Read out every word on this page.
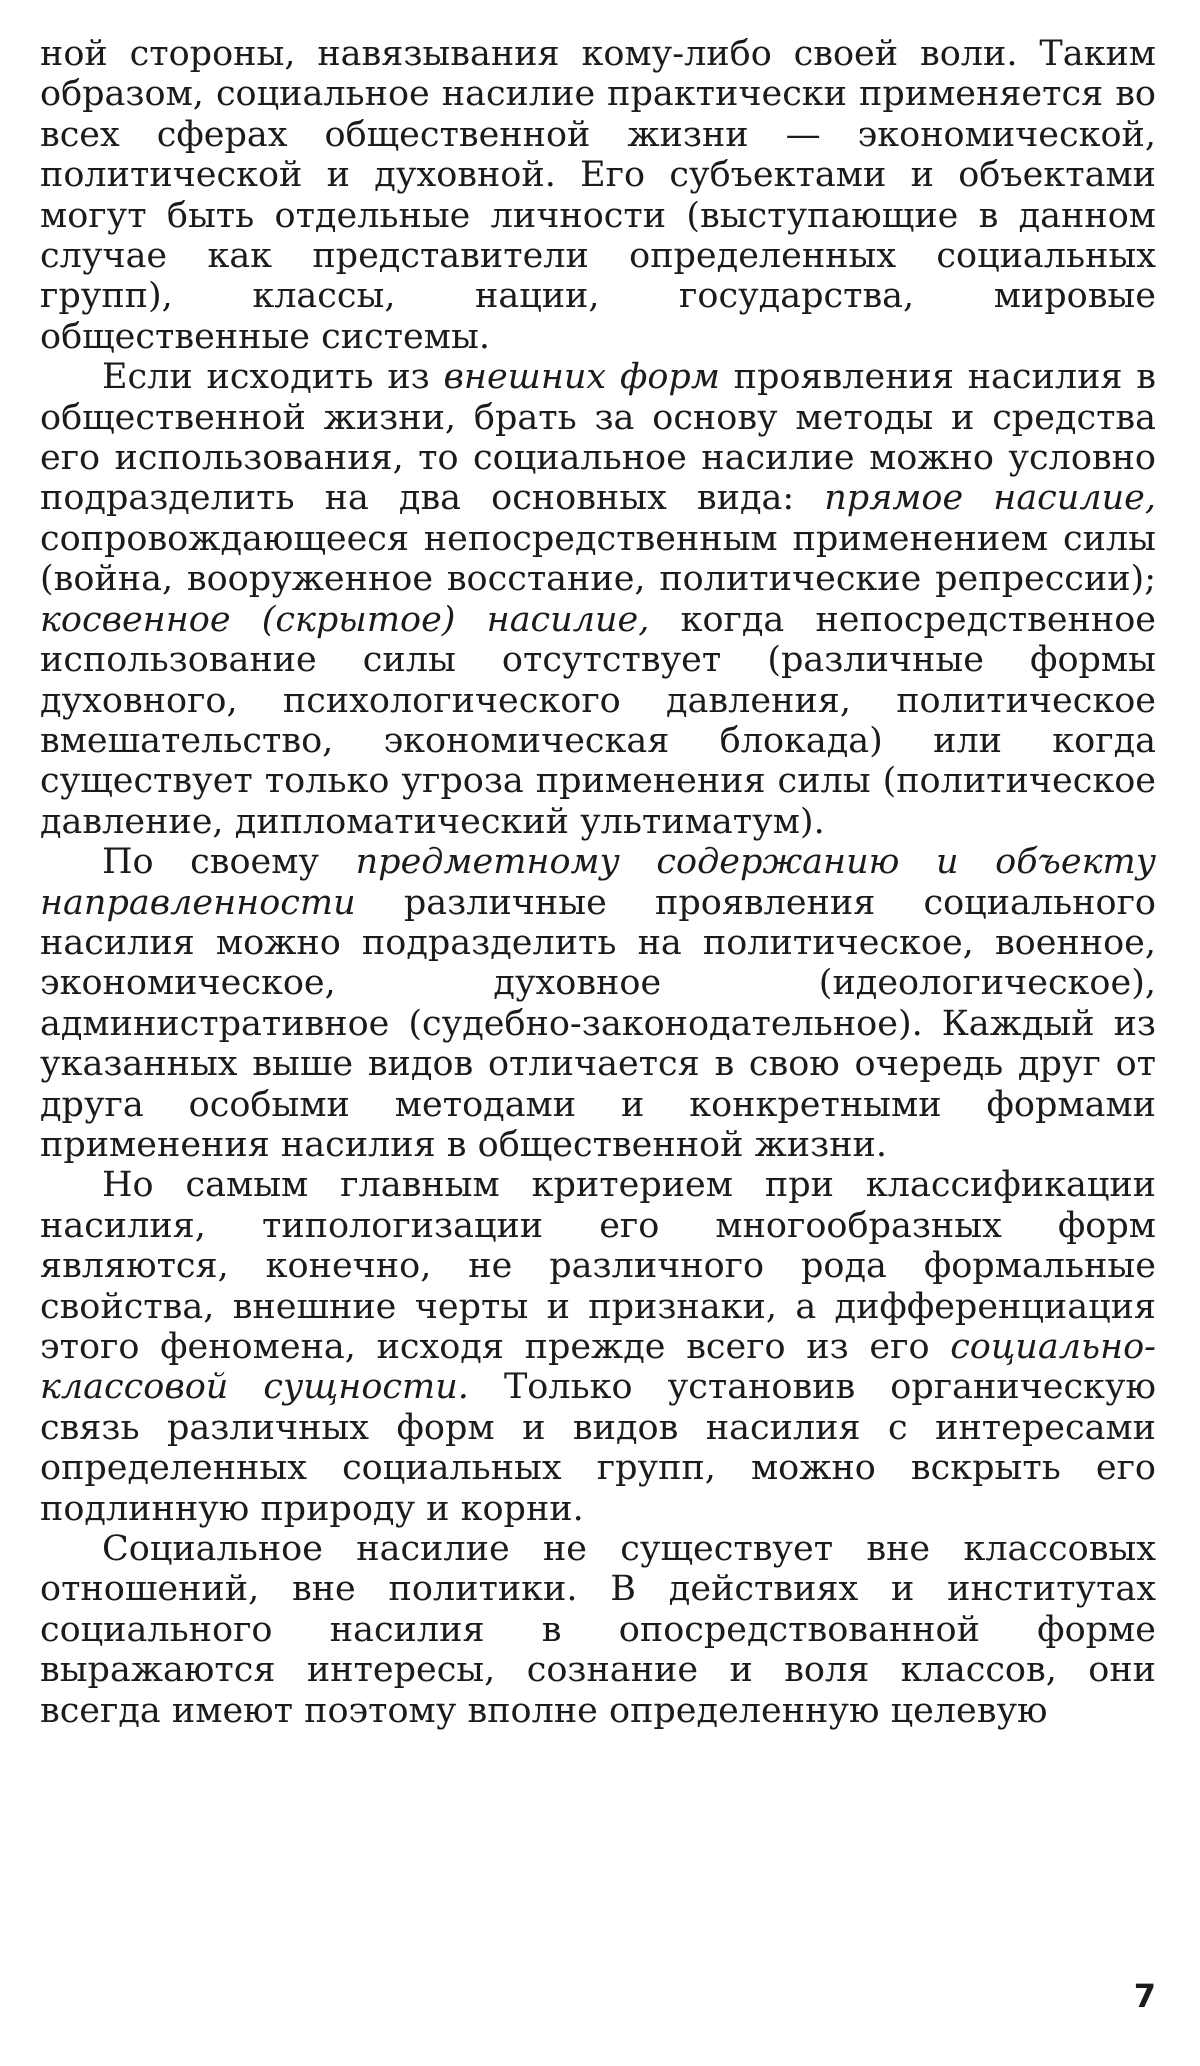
ной стороны, навязывания кому-либо своей воли. Таким образом, социальное насилие практически применяется во всех сферах общественной жизни — экономической, политической и духовной. Его субъектами и объектами могут быть отдельные личности (выступающие в данном случае как представители определенных социальных групп), классы, нации, государства, мировые общественные системы.

Если исходить из внешних форм проявления насилия в общественной жизни, брать за основу методы и средства его использования, то социальное насилие можно условно подразделить на два основных вида: прямое насилие, сопровождающееся непосредственным применением силы (война, вооруженное восстание, политические репрессии); косвенное (скрытое) насилие, когда непосредственное использование силы отсутствует (различные формы духовного, психологического давления, политическое вмешательство, экономическая блокада) или когда существует только угроза применения силы (политическое давление, дипломатический ультиматум).

По своему предметному содержанию и объекту направленности различные проявления социального насилия можно подразделить на политическое, военное, экономическое, духовное (идеологическое), административное (судебно-законодательное). Каждый из указанных выше видов отличается в свою очередь друг от друга особыми методами и конкретными формами применения насилия в общественной жизни.

Но самым главным критерием при классификации насилия, типологизации его многообразных форм являются, конечно, не различного рода формальные свойства, внешние черты и признаки, а дифференциация этого феномена, исходя прежде всего из его социально-классовой сущности. Только установив органическую связь различных форм и видов насилия с интересами определенных социальных групп, можно вскрыть его подлинную природу и корни.

Социальное насилие не существует вне классовых отношений, вне политики. В действиях и институтах социального насилия в опосредствованной форме выражаются интересы, сознание и воля классов, они всегда имеют поэтому вполне определенную целевую

7
